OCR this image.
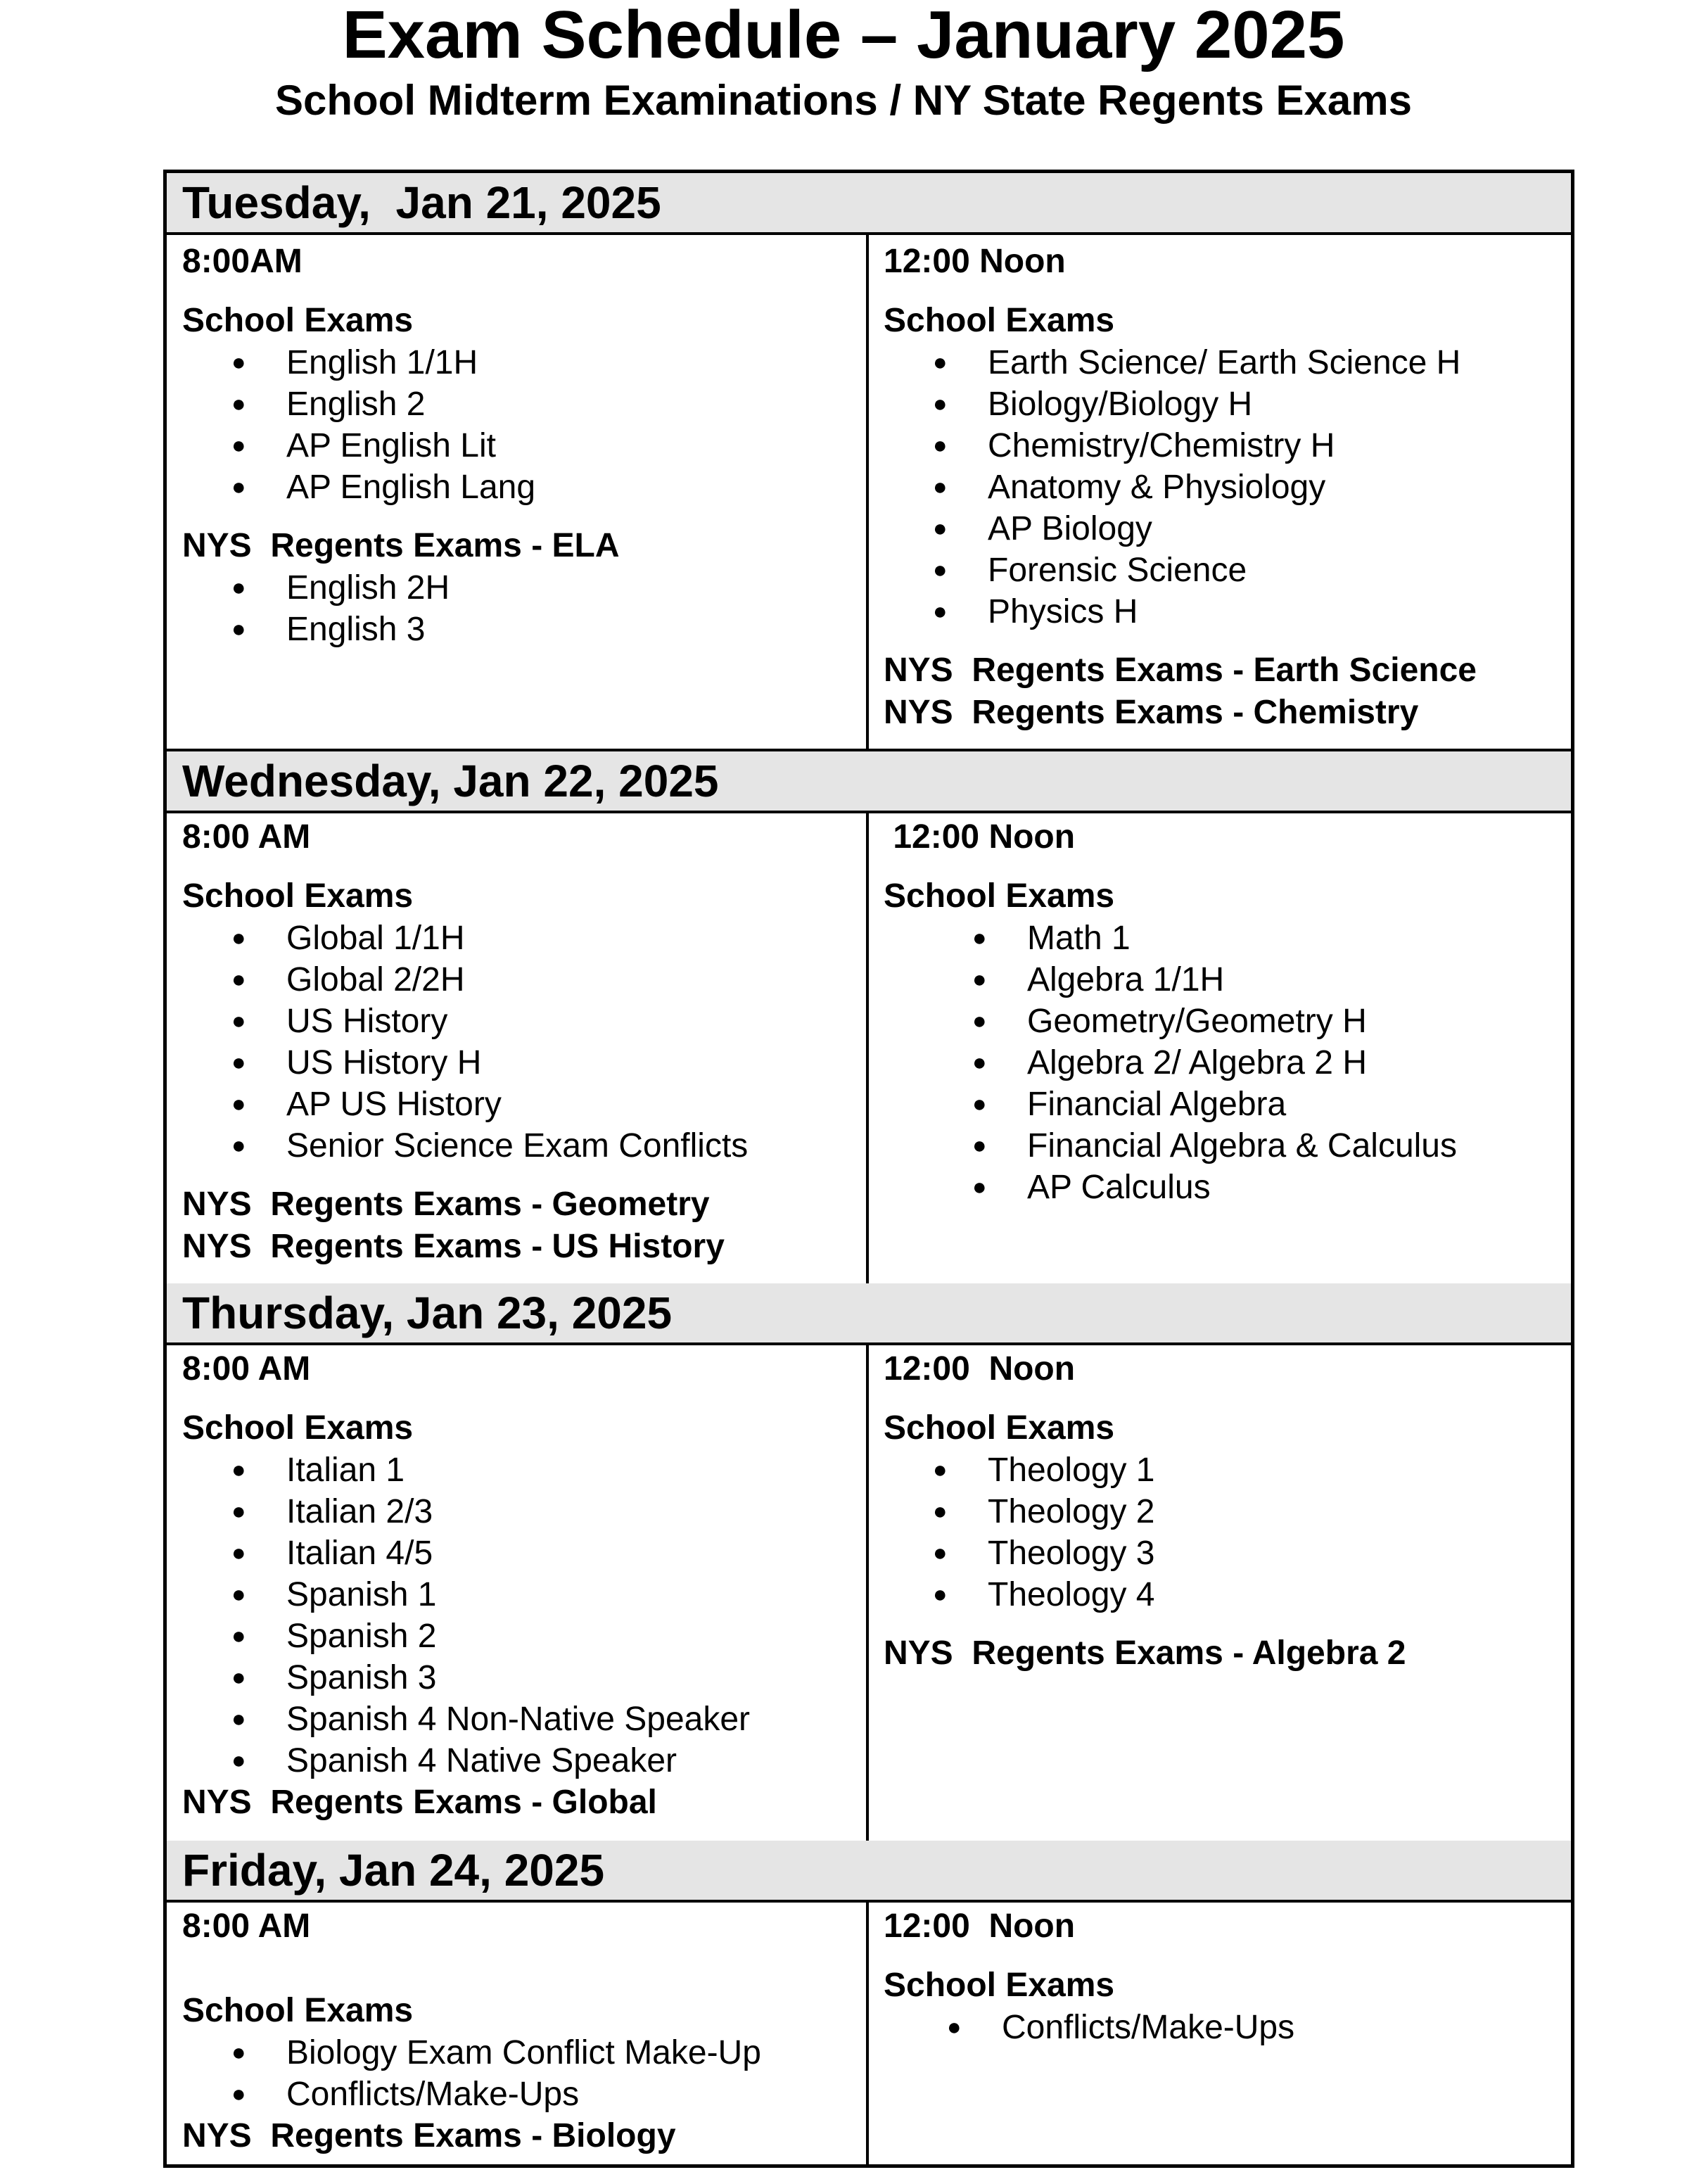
Exam Schedule – January 2025
School Midterm Examinations / NY State Regents Exams
Tuesday,  Jan 21, 2025
8:00AM
School Exams
● English 1/1H
● English 2
● AP English Lit
● AP English Lang
NYS  Regents Exams - ELA
● English 2H
● English 3
12:00 Noon
School Exams
● Earth Science/ Earth Science H
● Biology/Biology H
● Chemistry/Chemistry H
● Anatomy & Physiology
● AP Biology
● Forensic Science
● Physics H
NYS  Regents Exams - Earth Science
NYS  Regents Exams - Chemistry
Wednesday, Jan 22, 2025
8:00 AM
School Exams
● Global 1/1H
● Global 2/2H
● US History
● US History H
● AP US History
● Senior Science Exam Conflicts
NYS  Regents Exams - Geometry
NYS  Regents Exams - US History
12:00 Noon
School Exams
● Math 1
● Algebra 1/1H
● Geometry/Geometry H
● Algebra 2/ Algebra 2 H
● Financial Algebra
● Financial Algebra & Calculus
● AP Calculus
Thursday, Jan 23, 2025
8:00 AM
School Exams
● Italian 1
● Italian 2/3
● Italian 4/5
● Spanish 1
● Spanish 2
● Spanish 3
● Spanish 4 Non-Native Speaker
● Spanish 4 Native Speaker
NYS  Regents Exams - Global
12:00  Noon
School Exams
● Theology 1
● Theology 2
● Theology 3
● Theology 4
NYS  Regents Exams - Algebra 2
Friday, Jan 24, 2025
8:00 AM
School Exams
● Biology Exam Conflict Make-Up
● Conflicts/Make-Ups
NYS  Regents Exams - Biology
12:00  Noon
School Exams
● Conflicts/Make-Ups
